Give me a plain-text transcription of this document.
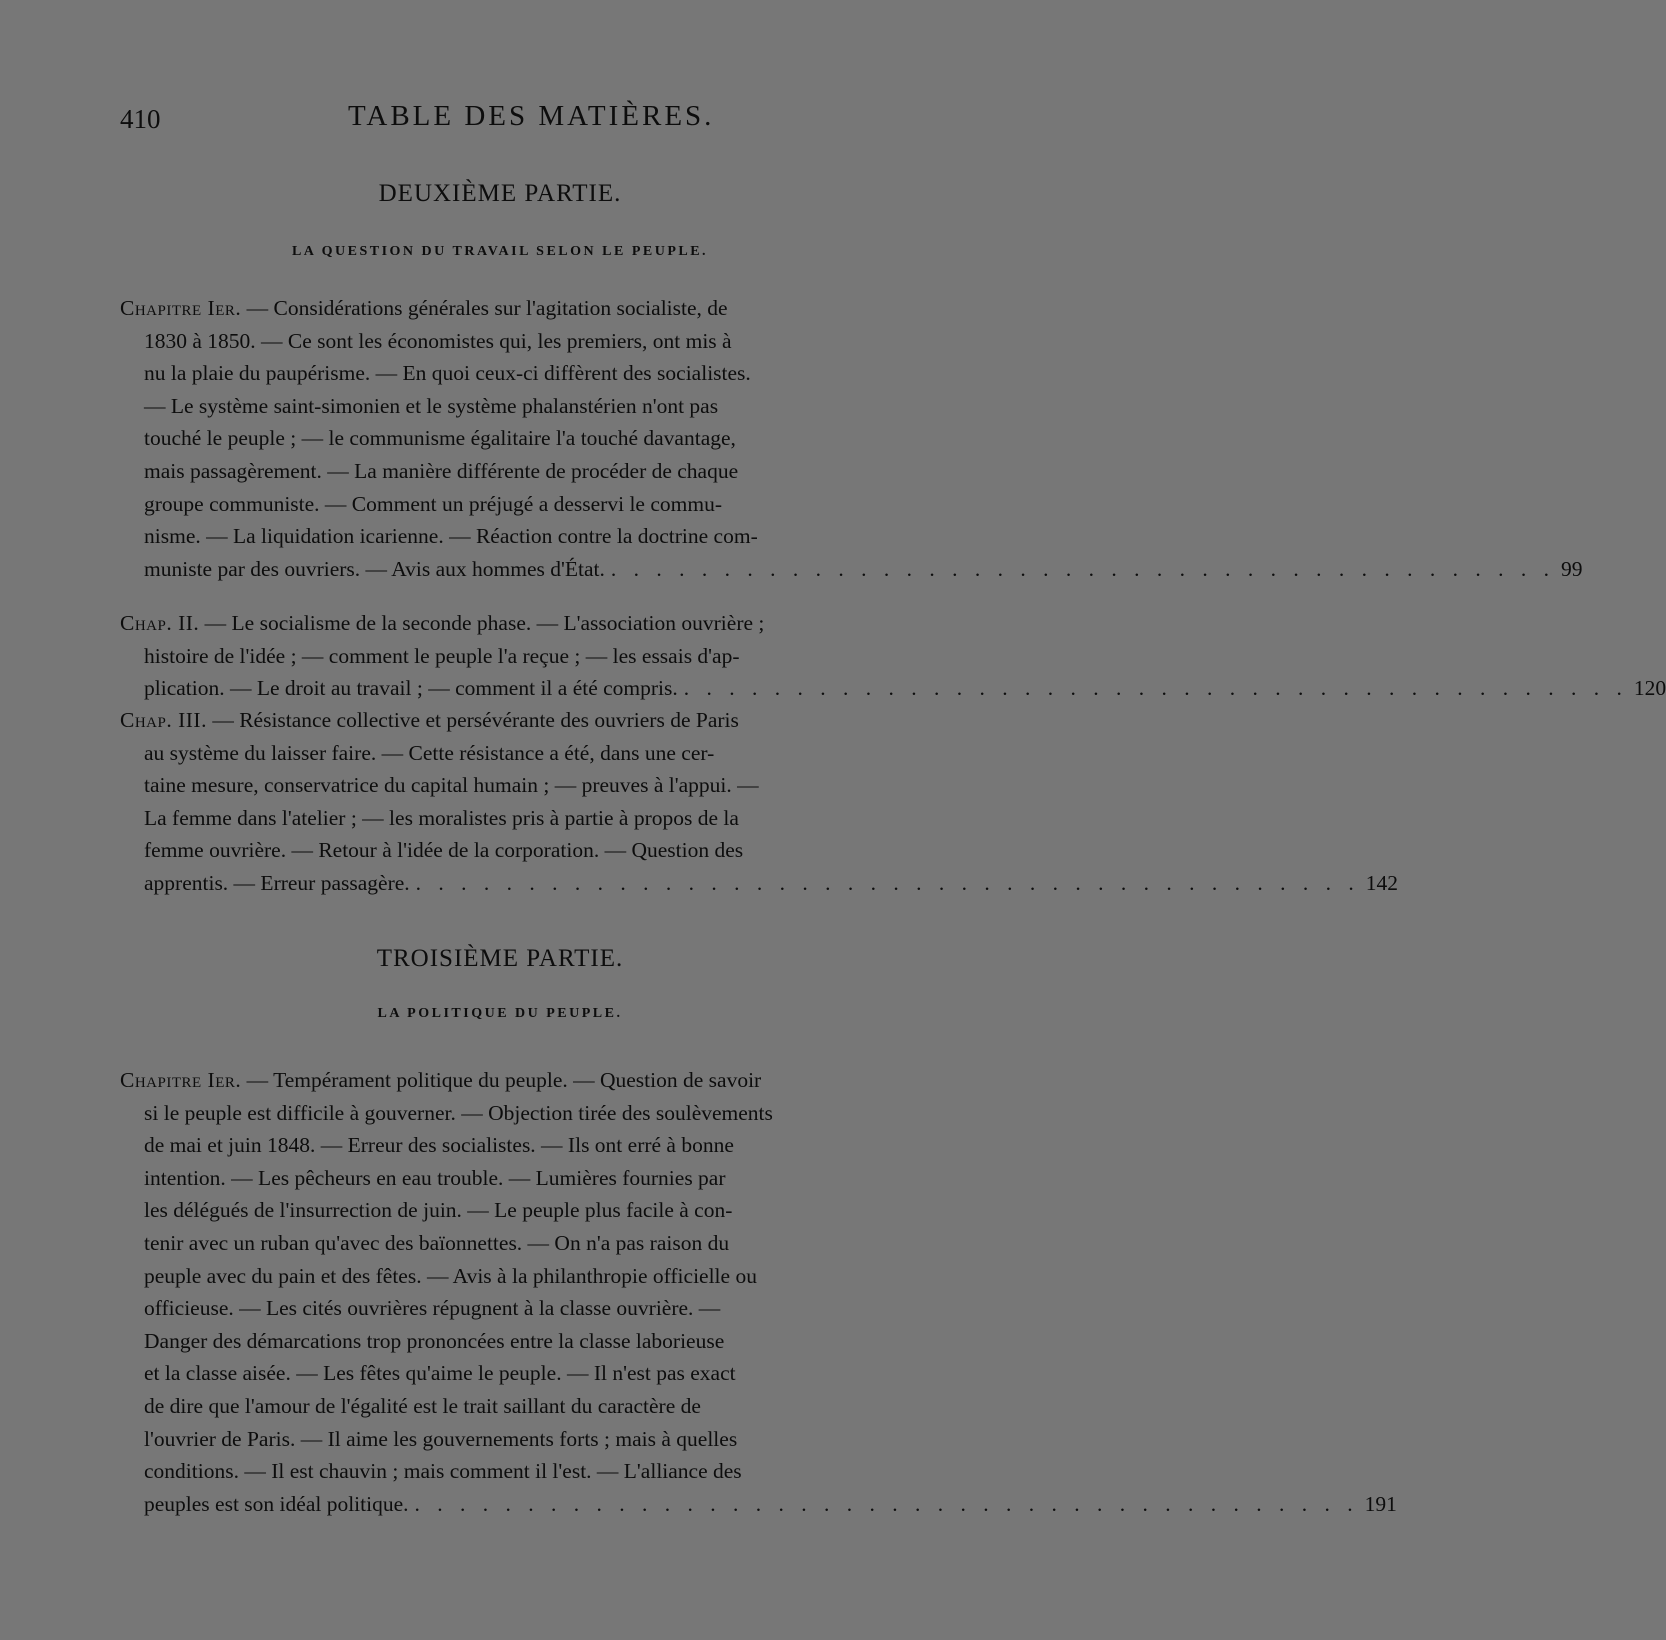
410	TABLE DES MATIÈRES.
DEUXIÈME PARTIE.
LA QUESTION DU TRAVAIL SELON LE PEUPLE.

Chapitre Ier. — Considérations générales sur l'agitation socialiste, de

1830 à 1850. — Ce sont les économistes qui, les premiers, ont mis à

nu la plaie du paupérisme. — En quoi ceux-ci diffèrent des socialistes.

— Le système saint-simonien et le système phalanstérien n'ont pas

touché le peuple ; — le communisme égalitaire l'a touché davantage,

mais passagèrement. — La manière différente de procéder de chaque

groupe communiste. — Comment un préjugé a desservi le commu-

nisme. — La liquidation icarienne. — Réaction contre la doctrine com-

muniste par des ouvriers. — Avis aux hommes d'État. . . . . . . . . . . . . . . . . . . . . . . . . . . . . . . . . . . . . . . . . . . 99

Chap. II. — Le socialisme de la seconde phase. — L'association ouvrière ;

histoire de l'idée ; — comment le peuple l'a reçue ; — les essais d'ap-

plication. — Le droit au travail ; — comment il a été compris. . . . . . . . . . . . . . . . . . . . . . . . . . . . . . . . . . . . . . . . . . . 120

Chap. III. — Résistance collective et persévérante des ouvriers de Paris

au système du laisser faire. — Cette résistance a été, dans une cer-

taine mesure, conservatrice du capital humain ; — preuves à l'appui. —

La femme dans l'atelier ; — les moralistes pris à partie à propos de la

femme ouvrière. — Retour à l'idée de la corporation. — Question des

apprentis. — Erreur passagère. . . . . . . . . . . . . . . . . . . . . . . . . . . . . . . . . . . . . . . . . . . 142

TROISIÈME PARTIE.
LA POLITIQUE DU PEUPLE.

Chapitre Ier. — Tempérament politique du peuple. — Question de savoir

si le peuple est difficile à gouverner. — Objection tirée des soulèvements

de mai et juin 1848. — Erreur des socialistes. — Ils ont erré à bonne

intention. — Les pêcheurs en eau trouble. — Lumières fournies par

les délégués de l'insurrection de juin. — Le peuple plus facile à con-

tenir avec un ruban qu'avec des baïonnettes. — On n'a pas raison du

peuple avec du pain et des fêtes. — Avis à la philanthropie officielle ou

officieuse. — Les cités ouvrières répugnent à la classe ouvrière. —

Danger des démarcations trop prononcées entre la classe laborieuse

et la classe aisée. — Les fêtes qu'aime le peuple. — Il n'est pas exact

de dire que l'amour de l'égalité est le trait saillant du caractère de

l'ouvrier de Paris. — Il aime les gouvernements forts ; mais à quelles

conditions. — Il est chauvin ; mais comment il l'est. — L'alliance des

peuples est son idéal politique. . . . . . . . . . . . . . . . . . . . . . . . . . . . . . . . . . . . . . . . . . . 191
